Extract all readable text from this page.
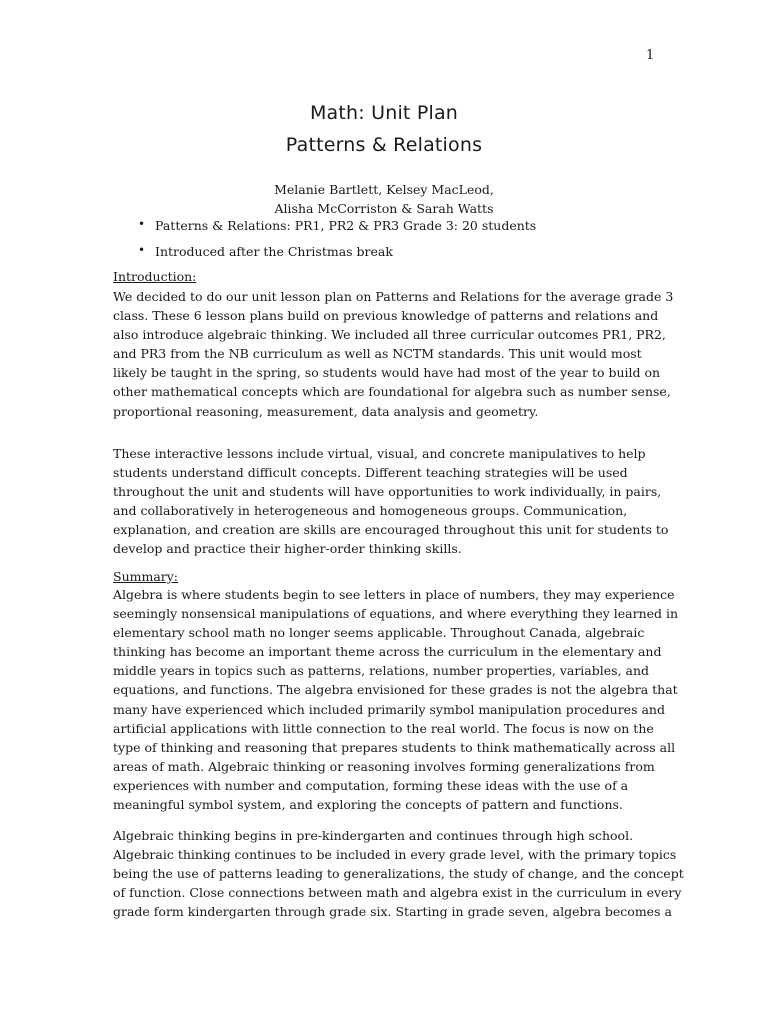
1
Math: Unit Plan
Patterns & Relations
Melanie Bartlett, Kelsey MacLeod,
Alisha McCorriston & Sarah Watts
• Patterns & Relations: PR1, PR2 & PR3 Grade 3: 20 students
• Introduced after the Christmas break
Introduction:
We decided to do our unit lesson plan on Patterns and Relations for the average grade 3
class. These 6 lesson plans build on previous knowledge of patterns and relations and
also introduce algebraic thinking. We included all three curricular outcomes PR1, PR2,
and PR3 from the NB curriculum as well as NCTM standards. This unit would most
likely be taught in the spring, so students would have had most of the year to build on
other mathematical concepts which are foundational for algebra such as number sense,
proportional reasoning, measurement, data analysis and geometry.
These interactive lessons include virtual, visual, and concrete manipulatives to help
students understand difficult concepts. Different teaching strategies will be used
throughout the unit and students will have opportunities to work individually, in pairs,
and collaboratively in heterogeneous and homogeneous groups. Communication,
explanation, and creation are skills are encouraged throughout this unit for students to
develop and practice their higher-order thinking skills.
Summary:
Algebra is where students begin to see letters in place of numbers, they may experience
seemingly nonsensical manipulations of equations, and where everything they learned in
elementary school math no longer seems applicable. Throughout Canada, algebraic
thinking has become an important theme across the curriculum in the elementary and
middle years in topics such as patterns, relations, number properties, variables, and
equations, and functions. The algebra envisioned for these grades is not the algebra that
many have experienced which included primarily symbol manipulation procedures and
artificial applications with little connection to the real world. The focus is now on the
type of thinking and reasoning that prepares students to think mathematically across all
areas of math. Algebraic thinking or reasoning involves forming generalizations from
experiences with number and computation, forming these ideas with the use of a
meaningful symbol system, and exploring the concepts of pattern and functions.
Algebraic thinking begins in pre-kindergarten and continues through high school.
Algebraic thinking continues to be included in every grade level, with the primary topics
being the use of patterns leading to generalizations, the study of change, and the concept
of function. Close connections between math and algebra exist in the curriculum in every
grade form kindergarten through grade six. Starting in grade seven, algebra becomes a
